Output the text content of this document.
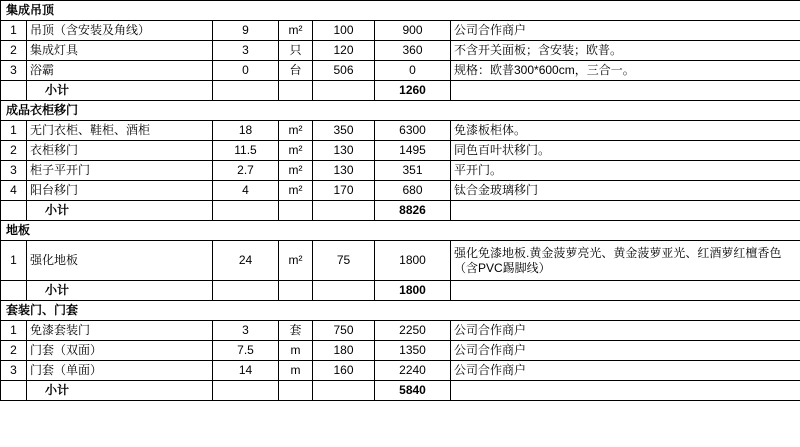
集成吊顶						
1	吊顶（含安装及角线）	9	m²	100	900	公司合作商户
2	集成灯具	3	只	120	360	不含开关面板；含安装；欧普。
3	浴霸	0	台	506	0	规格：欧普300*600cm，三合一。
	小计				1260	
成品衣柜移门						
1	无门衣柜、鞋柜、酒柜	18	m²	350	6300	免漆板柜体。
2	衣柜移门	11.5	m²	130	1495	同色百叶状移门。
3	柜子平开门	2.7	m²	130	351	平开门。
4	阳台移门	4	m²	170	680	钛合金玻璃移门
	小计				8826	
地板						
1	强化地板	24	m²	75	1800	强化免漆地板.黄金菠萝亮光、黄金菠萝亚光、红酒萝红檀香色（含PVC踢脚线）
	小计				1800	
套装门、门套						
1	免漆套装门	3	套	750	2250	公司合作商户
2	门套（双面）	7.5	m	180	1350	公司合作商户
3	门套（单面）	14	m	160	2240	公司合作商户
	小计				5840	
